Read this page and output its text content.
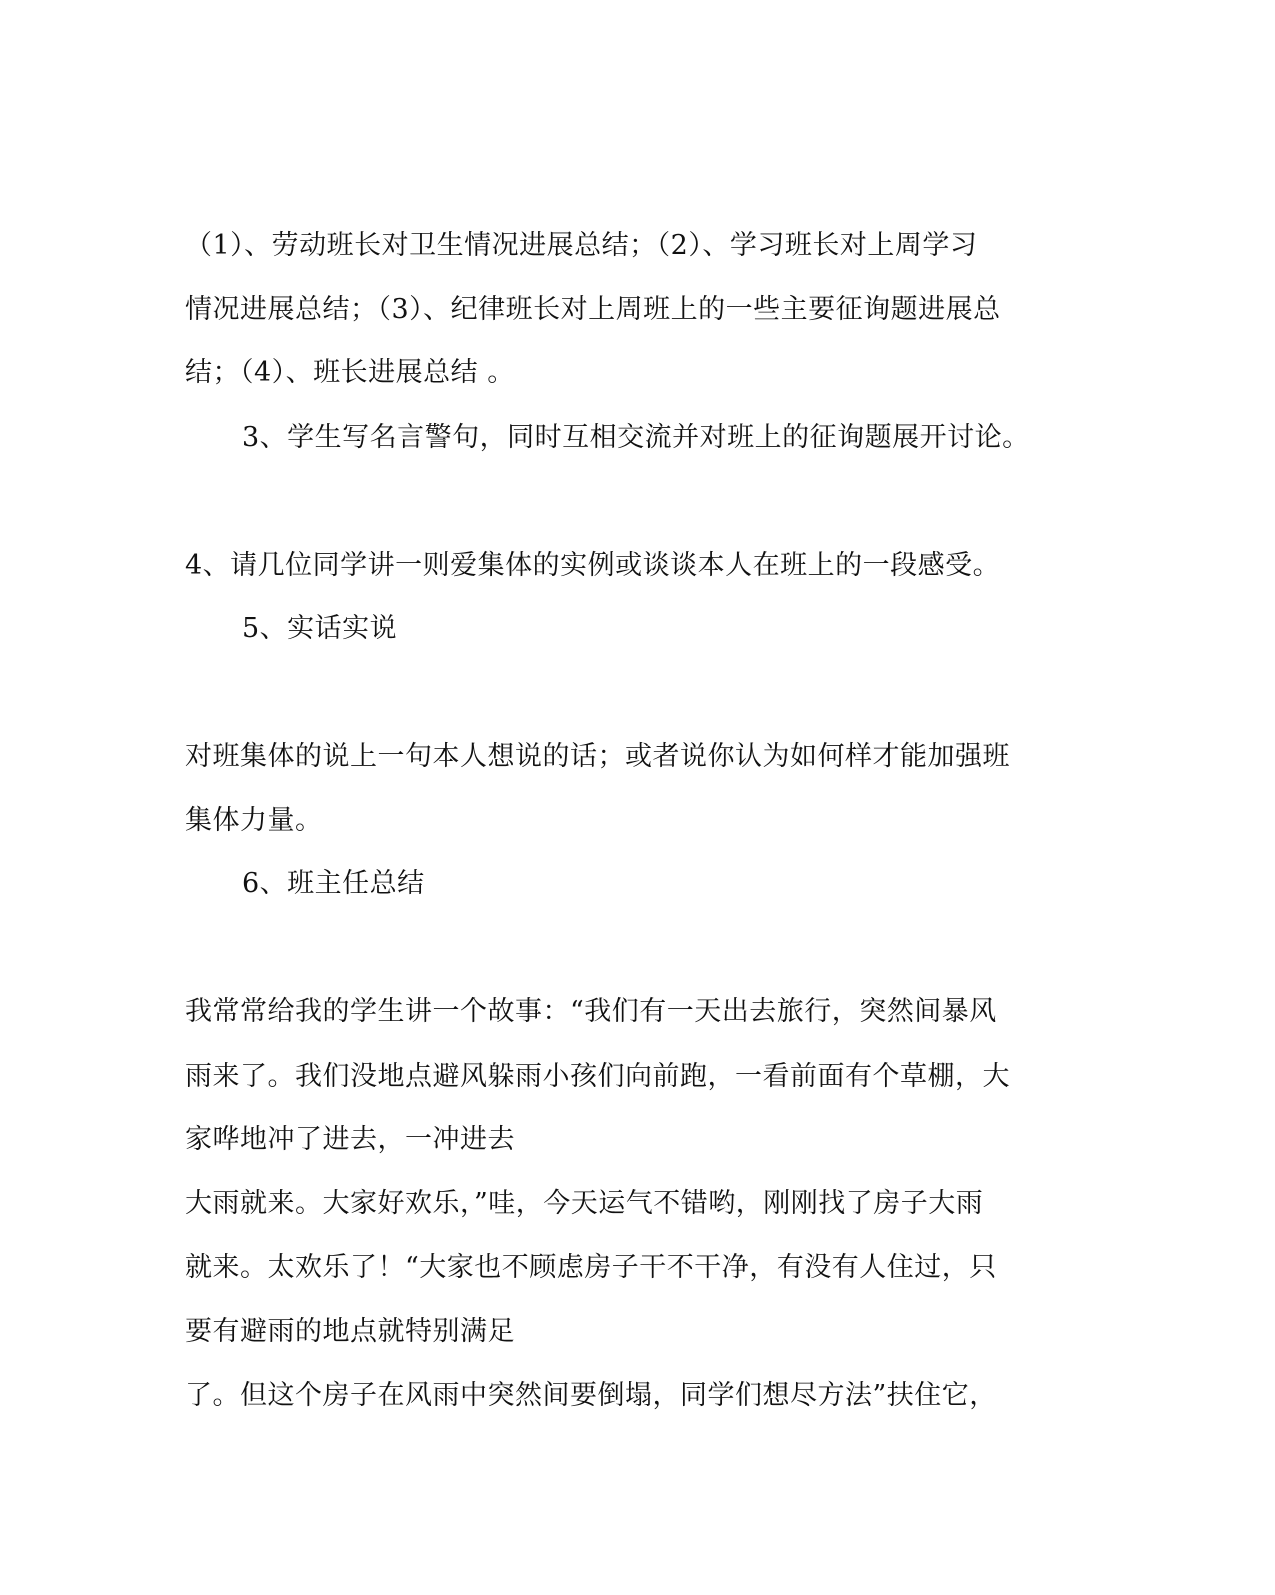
（1）、劳动班长对卫生情况进展总结；（2）、学习班长对上周学习
情况进展总结；（3）、纪律班长对上周班上的一些主要征询题进展总
结；（4）、班长进展总结 。
3、学生写名言警句，同时互相交流并对班上的征询题展开讨论。
4、请几位同学讲一则爱集体的实例或谈谈本人在班上的一段感受。
5、实话实说
对班集体的说上一句本人想说的话；或者说你认为如何样才能加强班
集体力量。
6、班主任总结
我常常给我的学生讲一个故事：“我们有一天出去旅行，突然间暴风
雨来了。我们没地点避风躲雨小孩们向前跑，一看前面有个草棚，大
家哗地冲了进去，一冲进去
大雨就来。大家好欢乐，”哇，今天运气不错哟，刚刚找了房子大雨
就来。太欢乐了！“大家也不顾虑房子干不干净，有没有人住过，只
要有避雨的地点就特别满足
了。但这个房子在风雨中突然间要倒塌，同学们想尽方法”扶住它，
